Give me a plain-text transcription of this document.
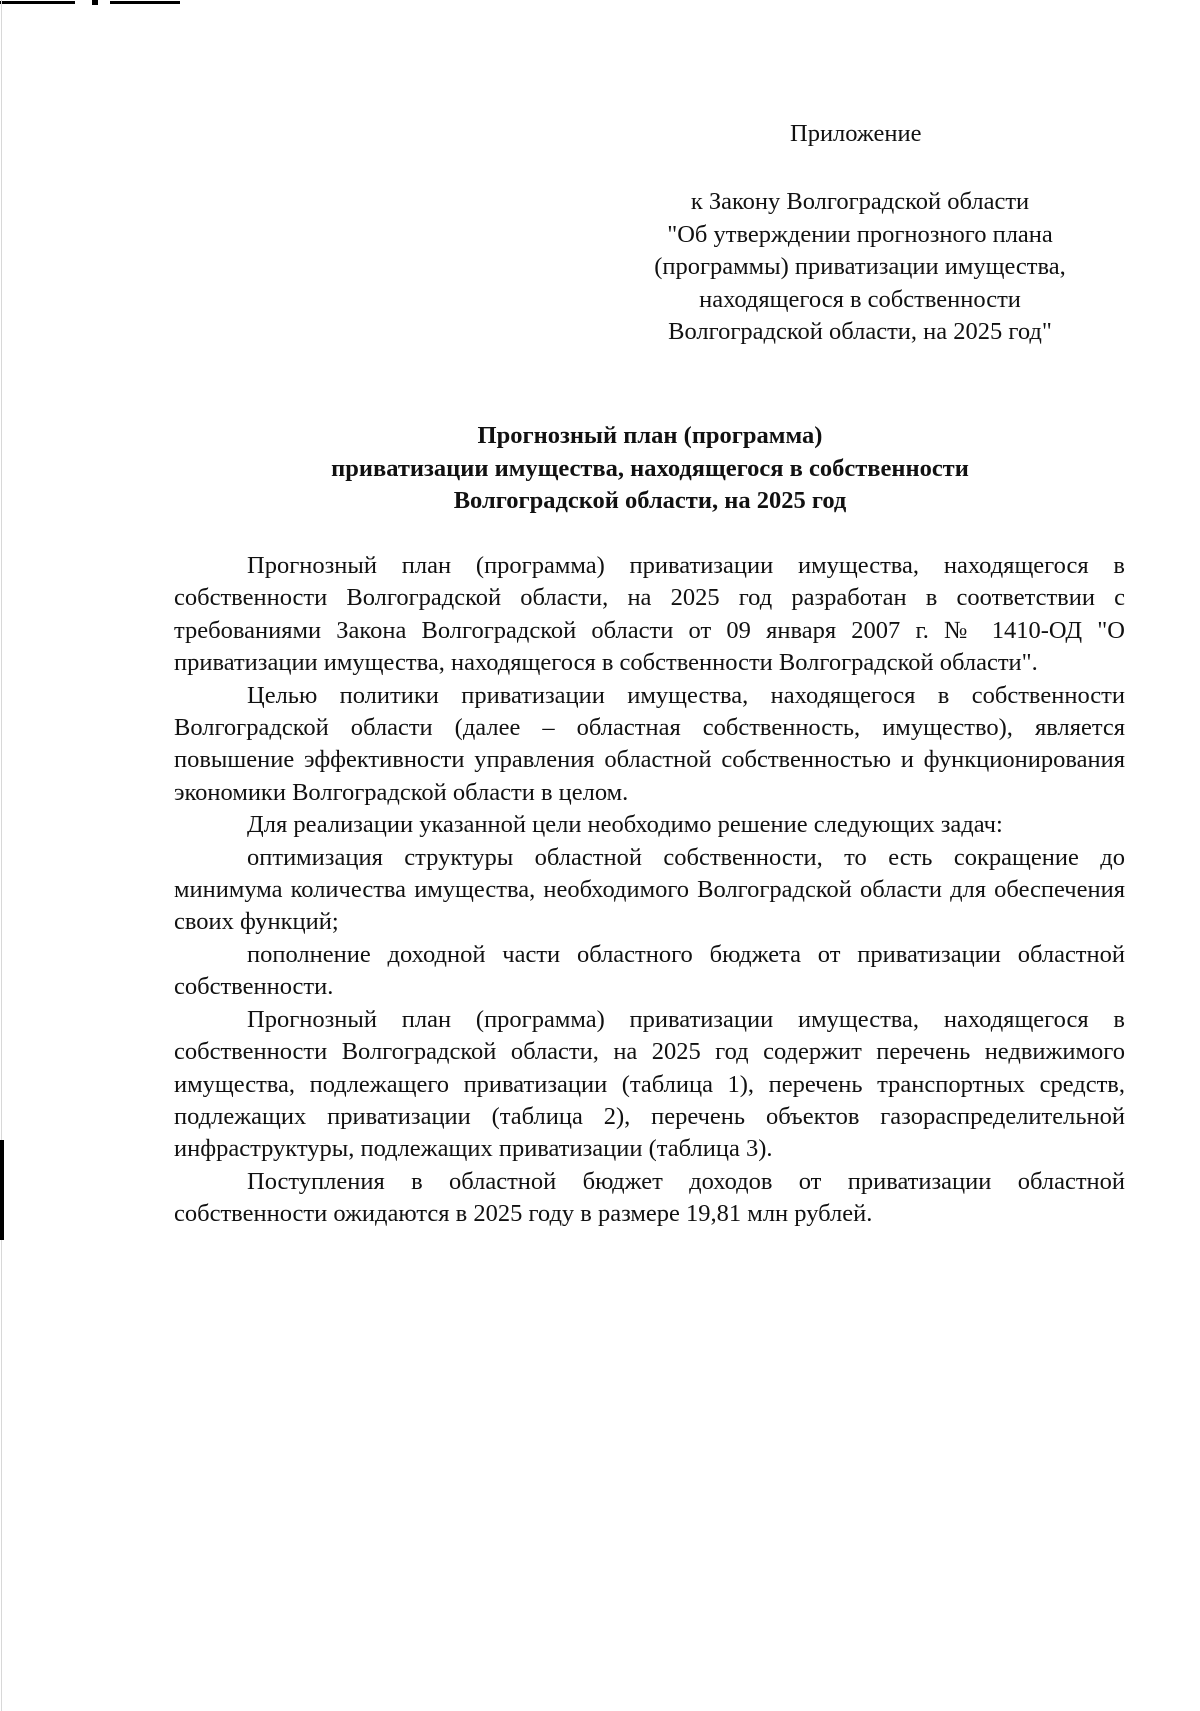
Приложение
к Закону Волгоградской области
"Об утверждении прогнозного плана
(программы) приватизации имущества,
находящегося в собственности
Волгоградской области, на 2025 год"
Прогнозный план (программа)
приватизации имущества, находящегося в собственности
Волгоградской области, на 2025 год

Прогнозный план (программа) приватизации имущества, находящегося в собственности Волгоградской области, на 2025 год разработан в соответствии с требованиями Закона Волгоградской области от 09 января 2007 г. № 1410-ОД "О приватизации имущества, находящегося в собственности Волгоградской области".

Целью политики приватизации имущества, находящегося в собственности Волгоградской области (далее – областная собственность, имущество), является повышение эффективности управления областной собственностью и функционирования экономики Волгоградской области в целом.

Для реализации указанной цели необходимо решение следующих задач:

оптимизация структуры областной собственности, то есть сокращение до минимума количества имущества, необходимого Волгоградской области для обеспечения своих функций;

пополнение доходной части областного бюджета от приватизации областной собственности.

Прогнозный план (программа) приватизации имущества, находящегося в собственности Волгоградской области, на 2025 год содержит перечень недвижимого имущества, подлежащего приватизации (таблица 1), перечень транспортных средств, подлежащих приватизации (таблица 2), перечень объектов газораспределительной инфраструктуры, подлежащих приватизации (таблица 3).

Поступления в областной бюджет доходов от приватизации областной собственности ожидаются в 2025 году в размере 19,81 млн рублей.
